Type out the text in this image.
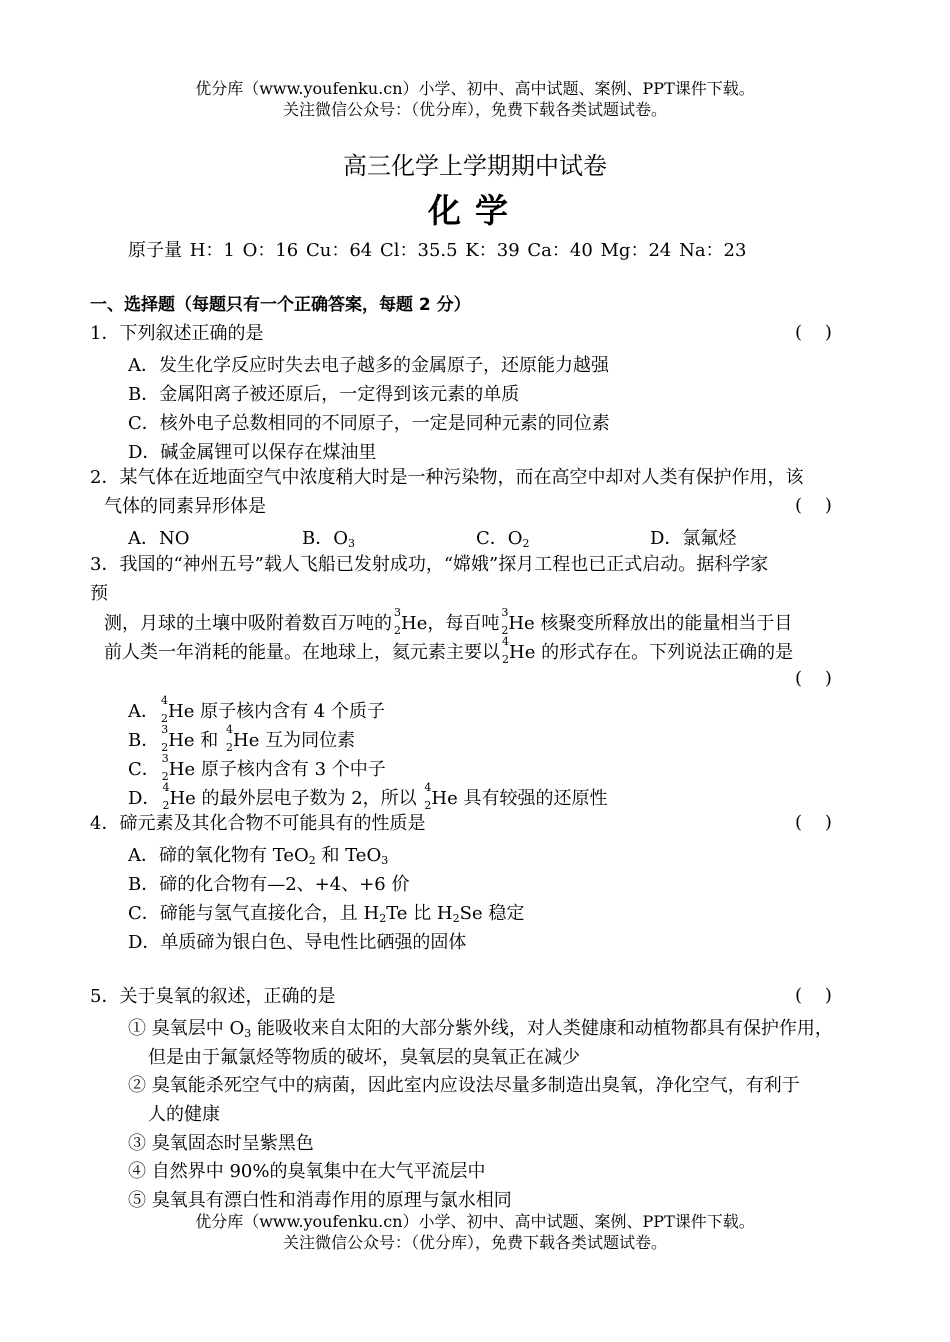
优分库（www.youfenku.cn）小学、初中、高中试题、案例、PPT课件下载。
关注微信公众号：（优分库），免费下载各类试题试卷。
高三化学上学期期中试卷
化学
原子量 H：1 O：16 Cu：64 Cl：35.5 K：39 Ca：40 Mg：24 Na：23
一、选择题（每题只有一个正确答案，每题 2 分）
1．下列叙述正确的是	(    )
A．发生化学反应时失去电子越多的金属原子，还原能力越强
B．金属阳离子被还原后，一定得到该元素的单质
C．核外电子总数相同的不同原子，一定是同种元素的同位素
D．碱金属锂可以保存在煤油里
2．某气体在近地面空气中浓度稍大时是一种污染物，而在高空中却对人类有保护作用，该
气体的同素异形体是	(    )
A．NO	B．$O_3$	C．$O_2$	D．氯氟烃
3．我国的“神州五号”载人飞船已发射成功，“嫦娥”探月工程也已正式启动。据科学家
预
测，月球的土壤中吸附着数百万吨的
3
2 He，每百吨
3
2 He 核聚变所释放出的能量相当于目
前人类一年消耗的能量。在地球上，氦元素主要以
4
2 He 的形式存在。下列说法正确的是
(    )
A．
4
2 He 原子核内含有 4 个质子
B．
3
2 He 和
4
2 He 互为同位素
C．
3
2 He 原子核内含有 3 个中子
D．
4
2 He 的最外层电子数为 2，所以
4
2 He 具有较强的还原性
4．碲元素及其化合物不可能具有的性质是	(    )
A．碲的氧化物有 TeO$_2$ 和 TeO$_3$
B．碲的化合物有—2、+4、+6 价
C．碲能与氢气直接化合，且 $H_2Te$ 比 $H_2Se$ 稳定
D．单质碲为银白色、导电性比硒强的固体
5．关于臭氧的叙述，正确的是	(    )
① 臭氧层中 $O_3$ 能吸收来自太阳的大部分紫外线，对人类健康和动植物都具有保护作用，
但是由于氟氯烃等物质的破坏，臭氧层的臭氧正在减少
② 臭氧能杀死空气中的病菌，因此室内应设法尽量多制造出臭氧，净化空气，有利于
人的健康
③ 臭氧固态时呈紫黑色
④ 自然界中 90%的臭氧集中在大气平流层中
⑤ 臭氧具有漂白性和消毒作用的原理与氯水相同
优分库（www.youfenku.cn）小学、初中、高中试题、案例、PPT课件下载。
关注微信公众号：（优分库），免费下载各类试题试卷。
